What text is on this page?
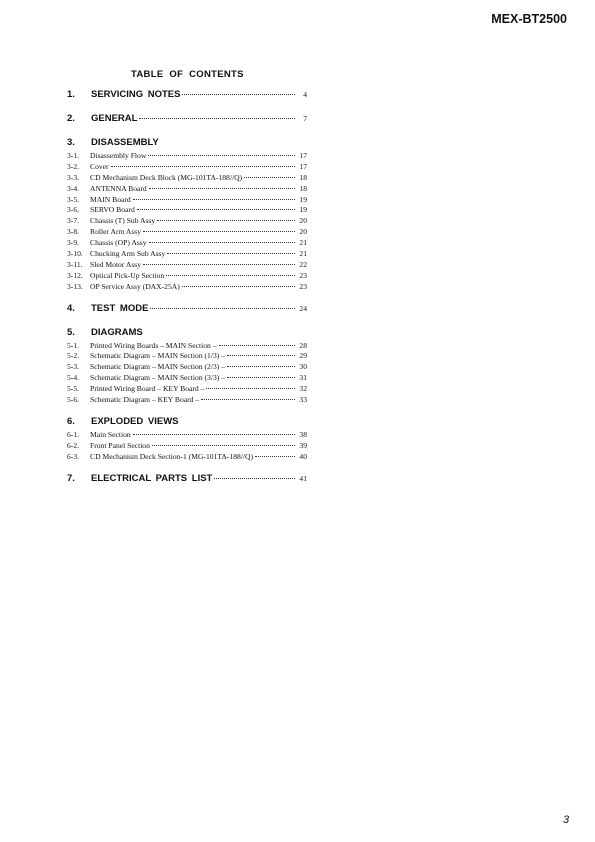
MEX-BT2500
TABLE OF CONTENTS
1.	SERVICING NOTES	4
2.	GENERAL	7
3.	DISASSEMBLY
3-1.	Disassembly Flow	17
3-2.	Cover	17
3-3.	CD Mechanism Deck Block (MG-101TA-188//Q)	18
3-4.	ANTENNA Board	18
3-5.	MAIN Board	19
3-6.	SERVO Board	19
3-7.	Chassis (T) Sub Assy	20
3-8.	Roller Arm Assy	20
3-9.	Chassis (OP) Assy	21
3-10. Chucking Arm Sub Assy	21
3-11. Sled Motor Assy	22
3-12. Optical Pick-Up Section	23
3-13. OP Service Assy (DAX-25A)	23
4.	TEST MODE	24
5.	DIAGRAMS
5-1.	Printed Wiring Boards – MAIN Section –	28
5-2.	Schematic Diagram – MAIN Section (1/3) –	29
5-3.	Schematic Diagram – MAIN Section (2/3) –	30
5-4.	Schematic Diagram – MAIN Section (3/3) –	31
5-5.	Printed Wiring Board – KEY Board –	32
5-6.	Schematic Diagram – KEY Board –	33
6.	EXPLODED VIEWS
6-1.	Main Section	38
6-2.	Front Panel Section	39
6-3.	CD Mechanism Deck Section-1 (MG-101TA-188//Q)	40
7.	ELECTRICAL PARTS LIST	41
3
